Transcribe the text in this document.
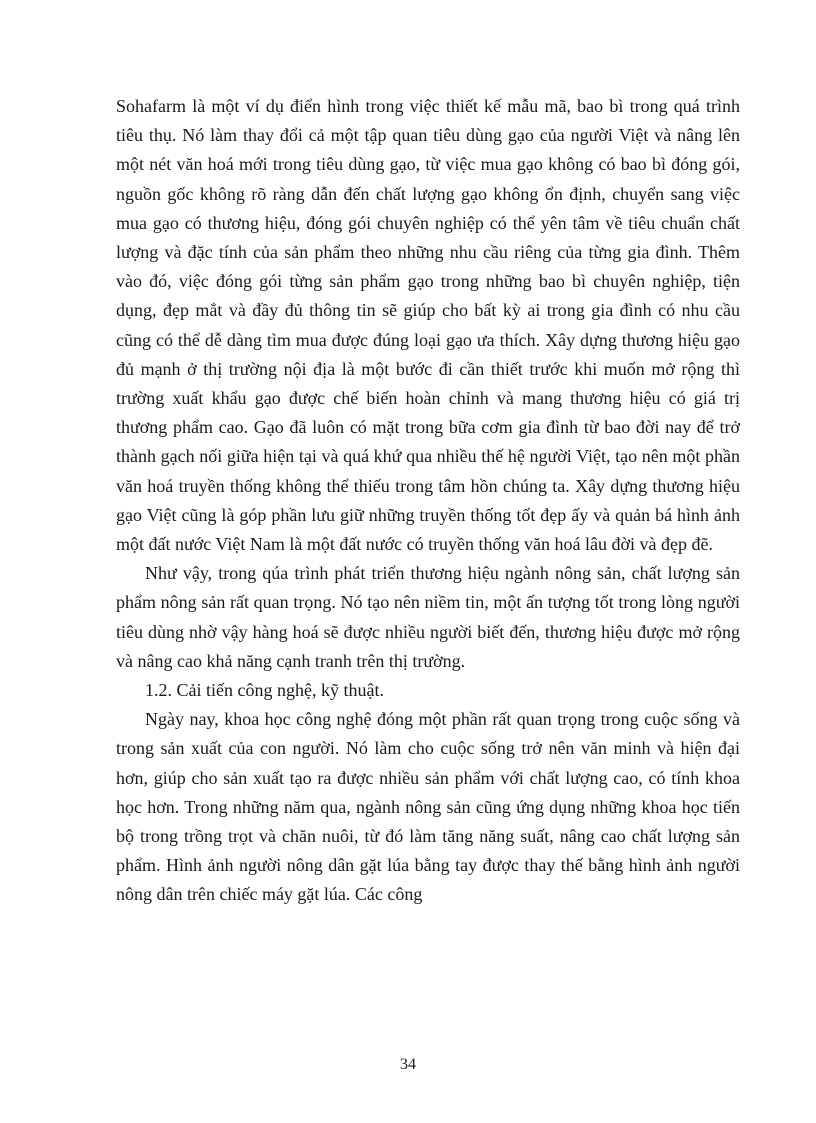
Sohafarm là một ví dụ điển hình trong việc thiết kế mẫu mã, bao bì trong quá trình tiêu thụ. Nó làm thay đổi cả một tập quan tiêu dùng gạo của người Việt và nâng lên một nét văn hoá mới trong tiêu dùng gạo, từ việc mua gạo không có bao bì đóng gói, nguồn gốc không rõ ràng dẫn đến chất lượng gạo không ổn định, chuyển sang việc mua gạo có thương hiệu, đóng gói chuyên nghiệp có thể yên tâm về tiêu chuẩn chất lượng và đặc tính của sản phẩm theo những nhu cầu riêng của từng gia đình. Thêm vào đó, việc đóng gói từng sản phẩm gạo trong những bao bì chuyên nghiệp, tiện dụng, đẹp mắt và đầy đủ thông tin sẽ giúp cho bất kỳ ai trong gia đình có nhu cầu cũng có thể dễ dàng tìm mua được đúng loại gạo ưa thích. Xây dựng thương hiệu gạo đủ mạnh ở thị trường nội địa là một bước đi cần thiết trước khi muốn mở rộng thì trường xuất khẩu gạo được chế biến hoàn chỉnh và mang thương hiệu có giá trị thương phẩm cao. Gạo đã luôn có mặt trong bữa cơm gia đình từ bao đời nay để trở thành gạch nối giữa hiện tại và quá khứ qua nhiều thế hệ người Việt, tạo nên một phần văn hoá truyền thống không thể thiếu trong tâm hồn chúng ta. Xây dựng thương hiệu gạo Việt cũng là góp phần lưu giữ những truyền thống tốt đẹp ấy và quản bá hình ảnh một đất nước Việt Nam là một đất nước có truyền thống văn hoá lâu đời và đẹp đẽ.

Như vậy, trong qúa trình phát triển thương hiệu ngành nông sản, chất lượng sản phẩm nông sản rất quan trọng. Nó tạo nên niềm tin, một ấn tượng tốt trong lòng người tiêu dùng nhờ vậy hàng hoá sẽ được nhiều người biết đến, thương hiệu được mở rộng và nâng cao khả năng cạnh tranh trên thị trường.

1.2. Cải tiến công nghệ, kỹ thuật.

Ngày nay, khoa học công nghệ đóng một phần rất quan trọng trong cuộc sống và trong sản xuất của con người. Nó làm cho cuộc sống trở nên văn minh và hiện đại hơn, giúp cho sản xuất tạo ra được nhiều sản phẩm với chất lượng cao, có tính khoa học hơn. Trong những năm qua, ngành nông sản cũng ứng dụng những khoa học tiến bộ trong trồng trọt và chăn nuôi, từ đó làm tăng năng suất, nâng cao chất lượng sản phẩm. Hình ảnh người nông dân gặt lúa bằng tay được thay thế bằng hình ảnh người nông dân trên chiếc máy gặt lúa. Các công

34
